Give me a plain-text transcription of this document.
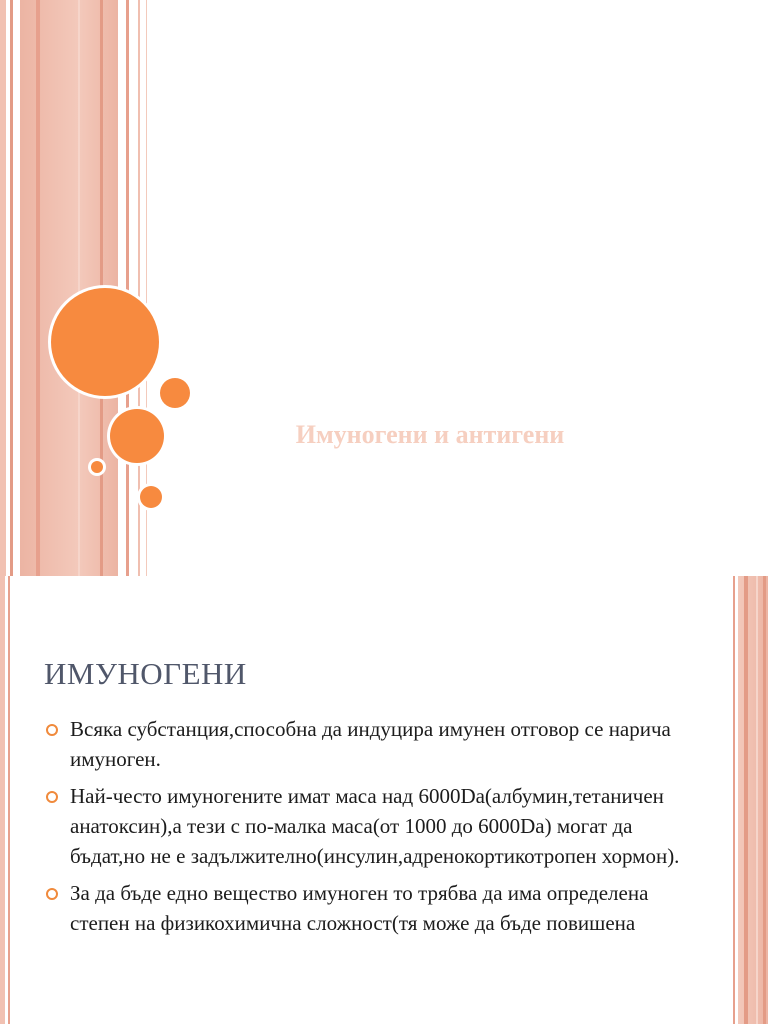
Имуногени и антигени
ИМУНОГЕНИ
Всяка субстанция,способна да индуцира имунен отговор се нарича имуноген.
Най-често имуногените имат маса над 6000Da(албумин,тетаничен анатоксин),а тези с по-малка маса(от 1000 до 6000Da) могат да бъдат,но не е задължително(инсулин,адренокортикотропен хормон).
За да бъде едно вещество имуноген то трябва да има определена степен на физикохимична сложност(тя може да бъде повишена
